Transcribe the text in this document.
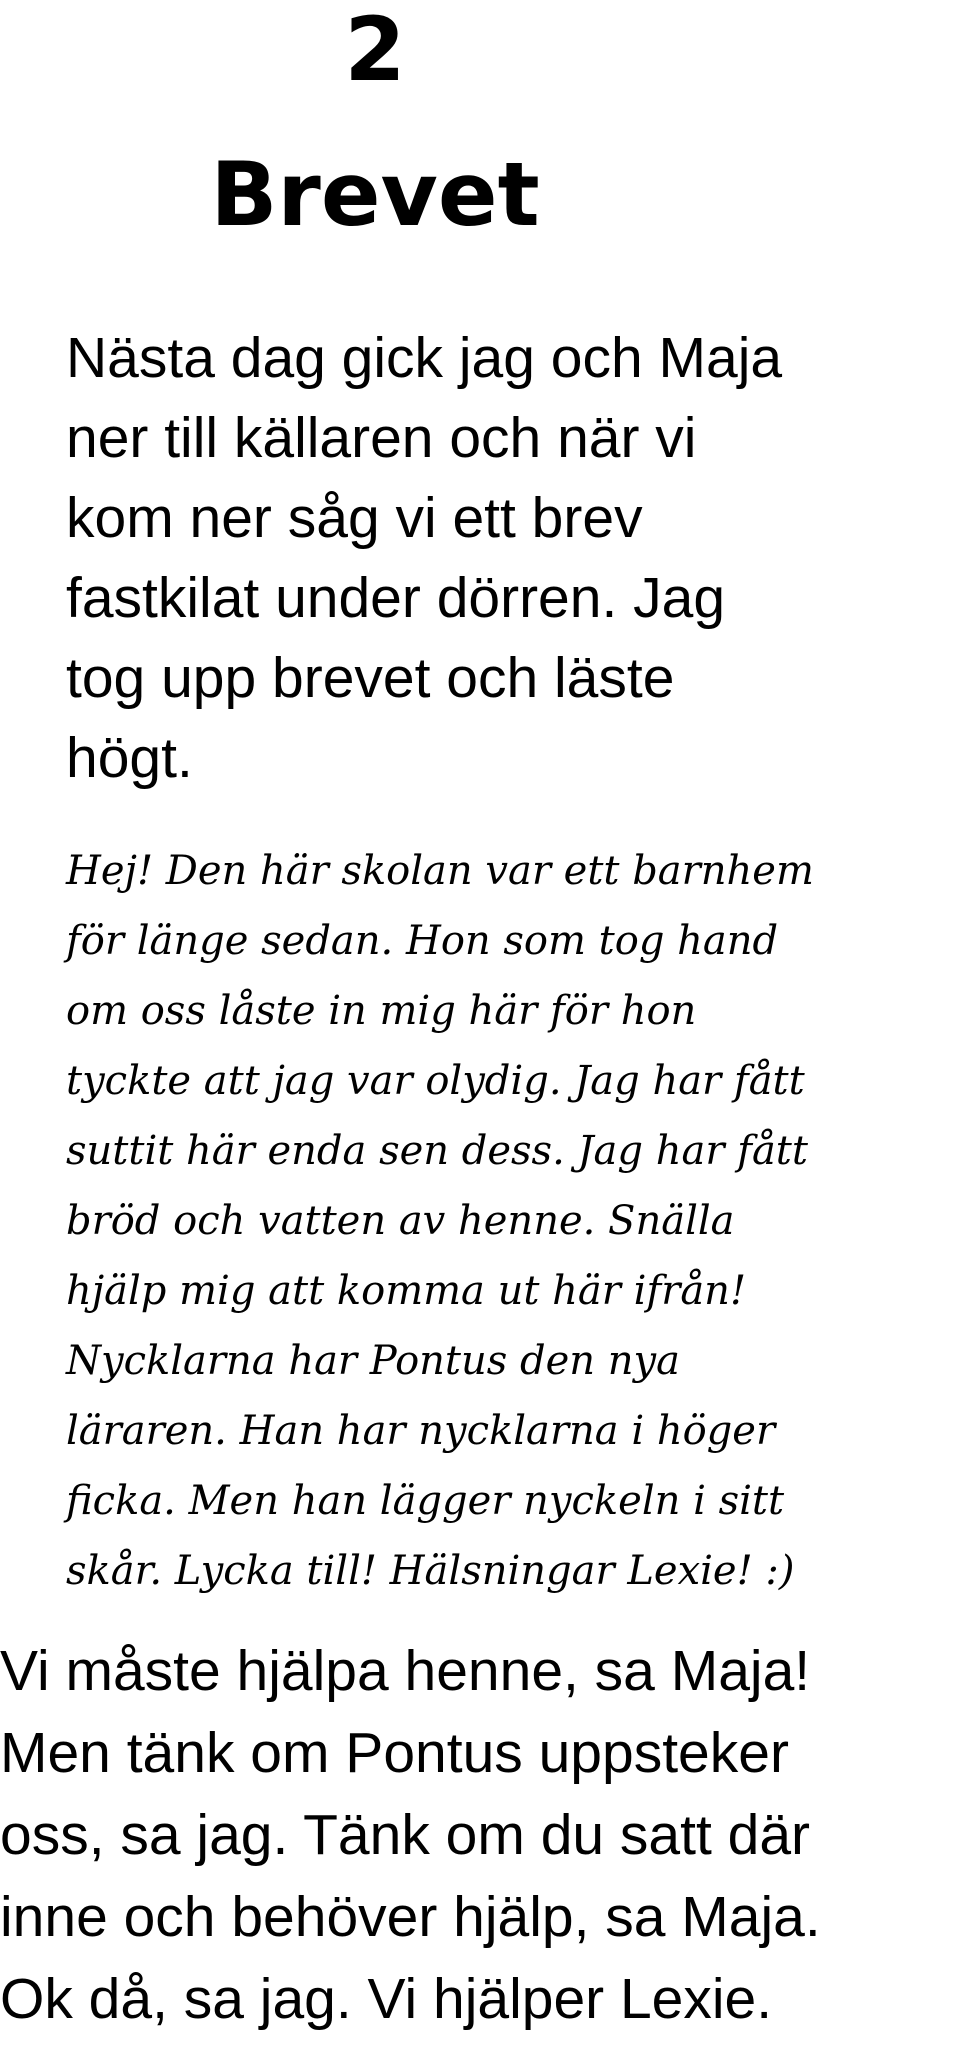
2
Brevet
Nästa dag gick jag och Maja
ner till källaren och när vi
kom ner såg vi ett brev
fastkilat under dörren. Jag
tog upp brevet och läste
högt.
Hej! Den här skolan var ett barnhem
för länge sedan. Hon som tog hand
om oss låste in mig här för hon
tyckte att jag var olydig. Jag har fått
suttit här enda sen dess. Jag har fått
bröd och vatten av henne. Snälla
hjälp mig att komma ut här ifrån!
Nycklarna har Pontus den nya
läraren. Han har nycklarna i höger
ficka. Men han lägger nyckeln i sitt
skår. Lycka till! Hälsningar Lexie! :)
Vi måste hjälpa henne, sa Maja!
Men tänk om Pontus uppsteker
oss, sa jag. Tänk om du satt där
inne och behöver hjälp, sa Maja.
Ok då, sa jag. Vi hjälper Lexie.
